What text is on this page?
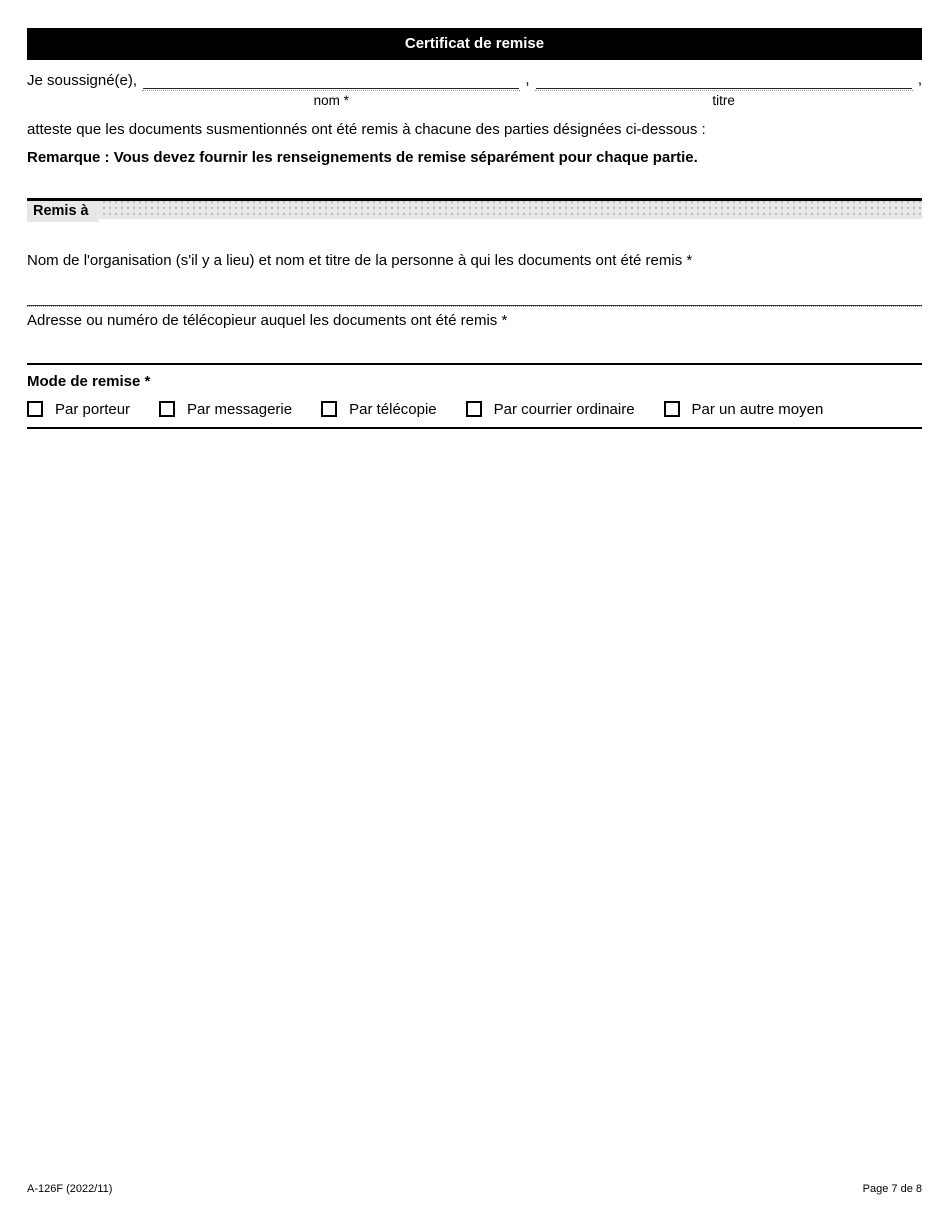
Certificat de remise
Je soussigné(e),
nom *
,
titre
,
atteste que les documents susmentionnés ont été remis à chacune des parties désignées ci-dessous :
Remarque : Vous devez fournir les renseignements de remise séparément pour chaque partie.
Remis à
Nom de l'organisation (s'il y a lieu) et nom et titre de la personne à qui les documents ont été remis *
Adresse ou numéro de télécopieur auquel les documents ont été remis *
Mode de remise *
Par porteur	Par messagerie	Par télécopie	Par courrier ordinaire	Par un autre moyen
A-126F (2022/11)	Page 7 de 8
